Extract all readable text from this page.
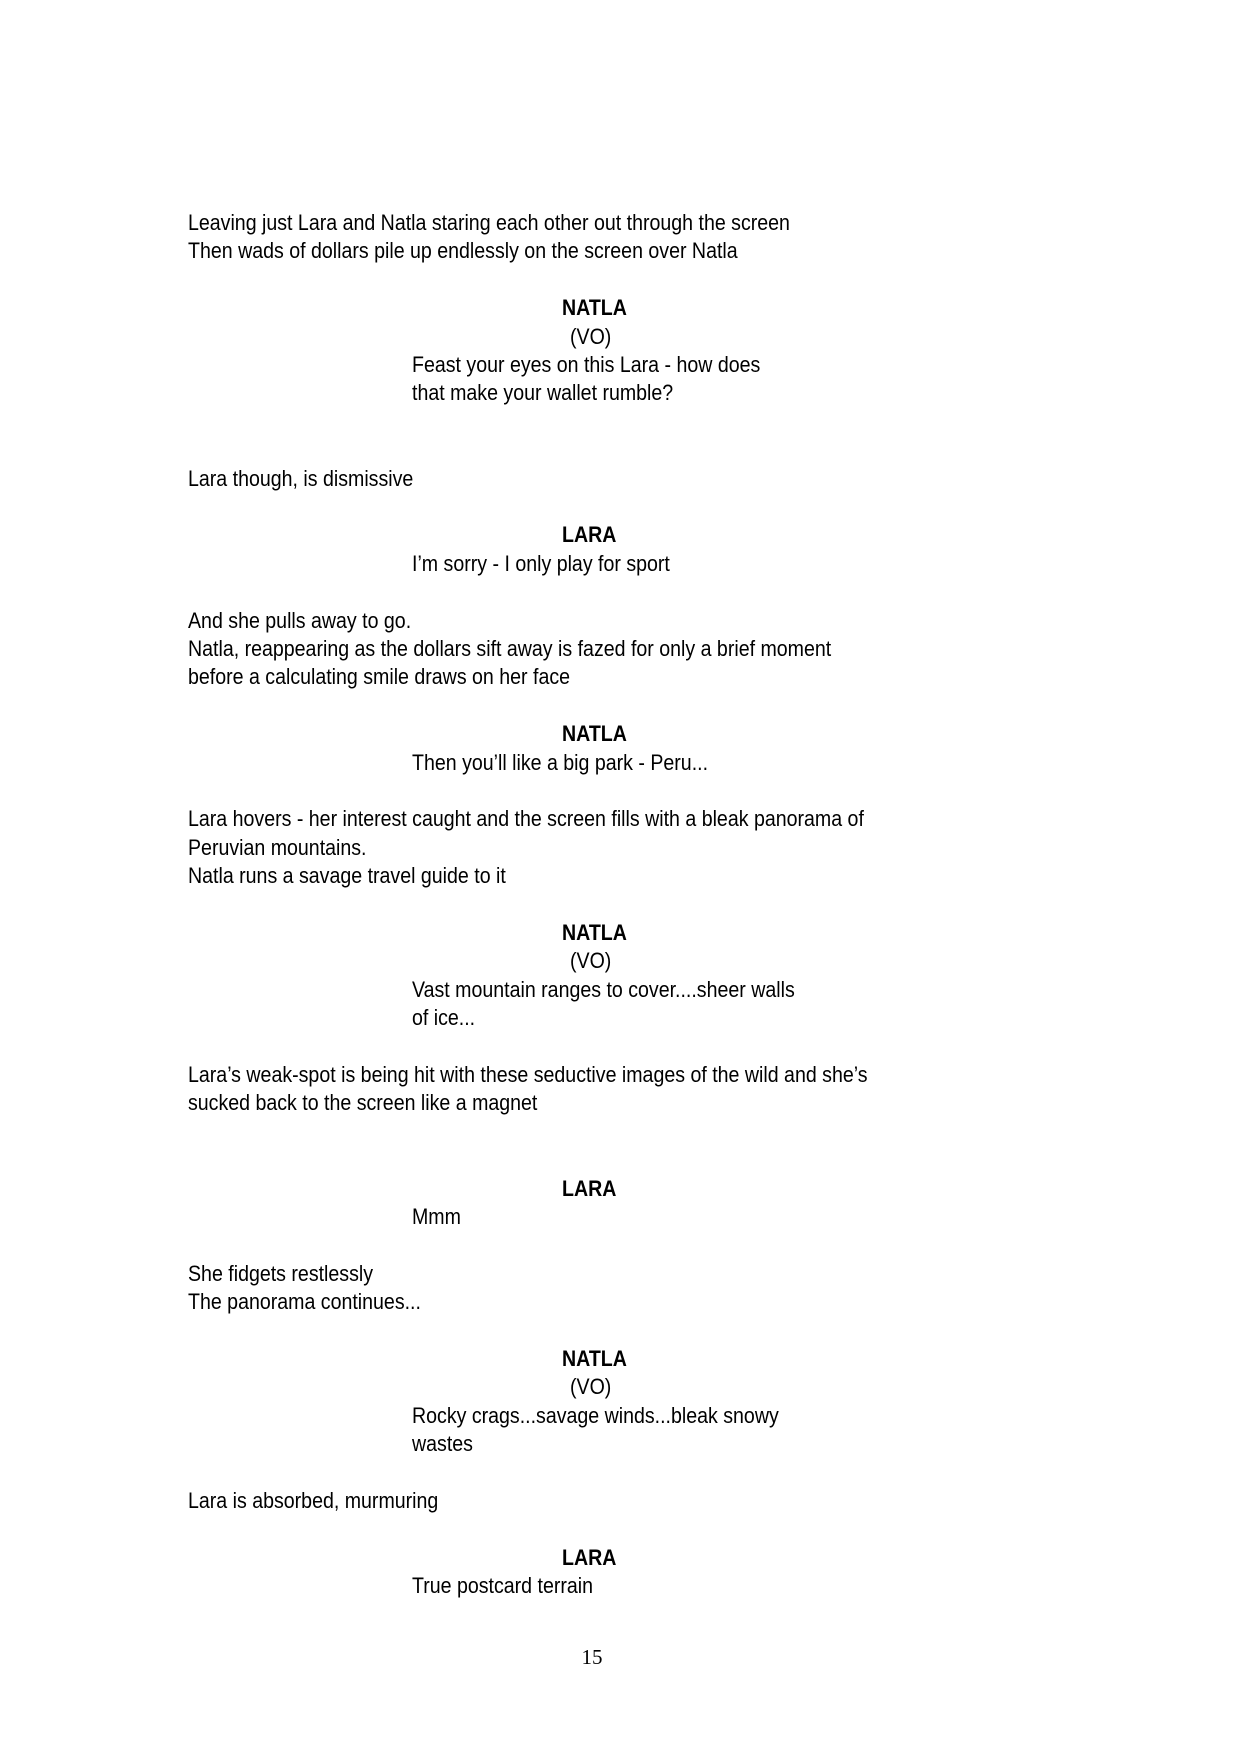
15
Leaving just Lara and Natla staring each other out through the screen
Then wads of dollars pile up endlessly on the screen over Natla
NATLA
(VO)
Feast your eyes on this Lara - how does
that make your wallet rumble?
Lara though, is dismissive
LARA
I’m sorry - I only play for sport
And she pulls away to go.
Natla, reappearing as the dollars sift away is fazed for only a brief moment
before a calculating smile draws on her face
NATLA
Then you’ll like a big park - Peru...
Lara hovers - her interest caught and the screen fills with a bleak panorama of
Peruvian mountains.
Natla runs a savage travel guide to it
NATLA
(VO)
Vast mountain ranges to cover....sheer walls
of ice...
Lara’s weak-spot is being hit with these seductive images of the wild and she’s
sucked back to the screen like a magnet
LARA
Mmm
She fidgets restlessly
The panorama continues...
NATLA
(VO)
Rocky crags...savage winds...bleak snowy
wastes
Lara is absorbed, murmuring
LARA
True postcard terrain
